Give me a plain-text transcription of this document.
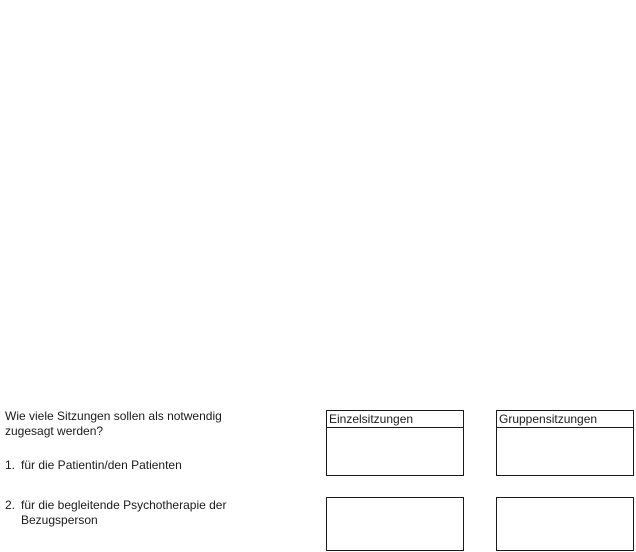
Wie viele Sitzungen sollen als notwendig zugesagt werden?
1. für die Patientin/den Patienten
2. für die begleitende Psychotherapie der Bezugsperson
Einzelsitzungen	Gruppensitzungen
